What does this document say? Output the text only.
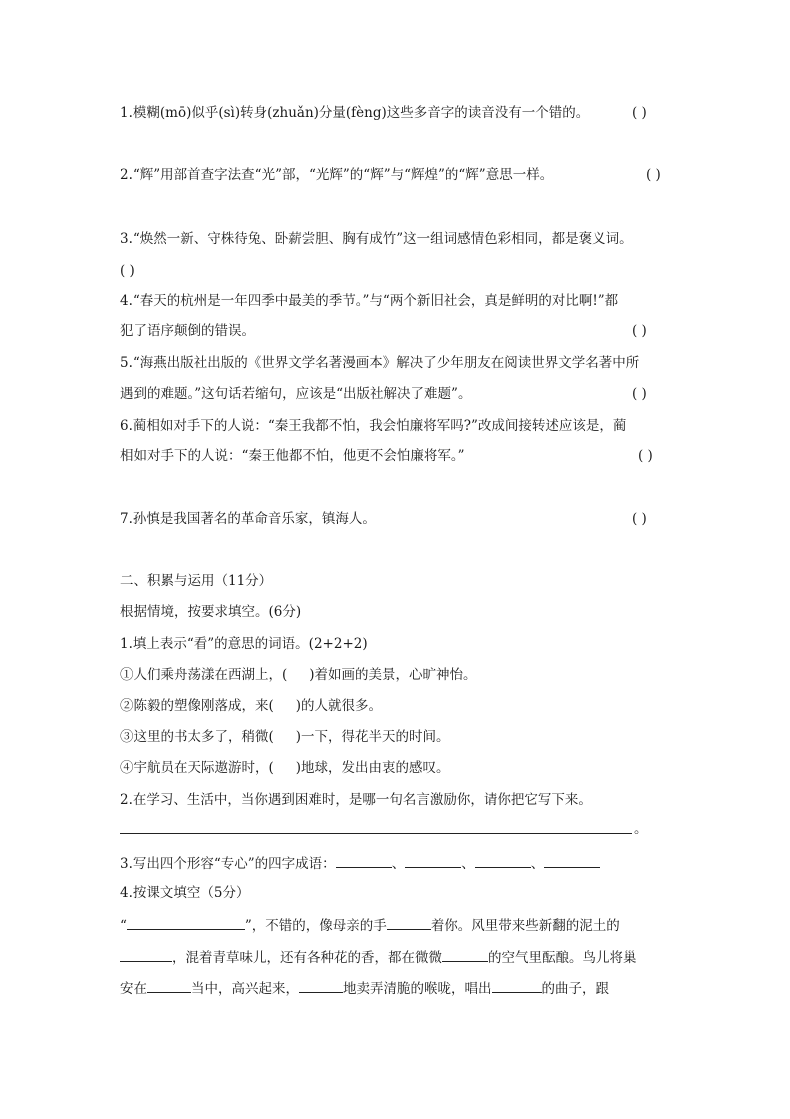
1.模糊(mō)似乎(sì)转身(zhuǎn)分量(fèng)这些多音字的读音没有一个错的。	( )
2.“辉”用部首查字法查“光”部，“光辉”的“辉”与“辉煌”的“辉”意思一样。	( )
3.“焕然一新、守株待兔、卧薪尝胆、胸有成竹”这一组词感情色彩相同，都是褒义词。
( )
4.“春天的杭州是一年四季中最美的季节。”与“两个新旧社会，真是鲜明的对比啊!”都
犯了语序颠倒的错误。	( )
5.“海燕出版社出版的《世界文学名著漫画本》解决了少年朋友在阅读世界文学名著中所
遇到的难题。”这句话若缩句，应该是“出版社解决了难题”。	( )
6.蔺相如对手下的人说：“秦王我都不怕，我会怕廉将军吗?”改成间接转述应该是，蔺
相如对手下的人说：“秦王他都不怕，他更不会怕廉将军。”	( )
7.孙慎是我国著名的革命音乐家，镇海人。	( )
二、积累与运用（11分）
根据情境，按要求填空。(6分)
1.填上表示“看”的意思的词语。(2+2+2)
①人们乘舟荡漾在西湖上，( )着如画的美景，心旷神怡。
②陈毅的塑像刚落成，来( )的人就很多。
③这里的书太多了，稍微( )一下，得花半天的时间。
④宇航员在天际遨游时，( )地球，发出由衷的感叹。
2.在学习、生活中，当你遇到困难时，是哪一句名言激励你，请你把它写下来。
。
3.写出四个形容“专心”的四字成语：	、	、	、
4.按课文填空（5分）
“	”，不错的，像母亲的手	着你。风里带来些新翻的泥土的
，混着青草味儿，还有各种花的香，都在微微	的空气里酝酿。鸟儿将巢
安在	当中，高兴起来，	地卖弄清脆的喉咙，唱出	的曲子，跟
